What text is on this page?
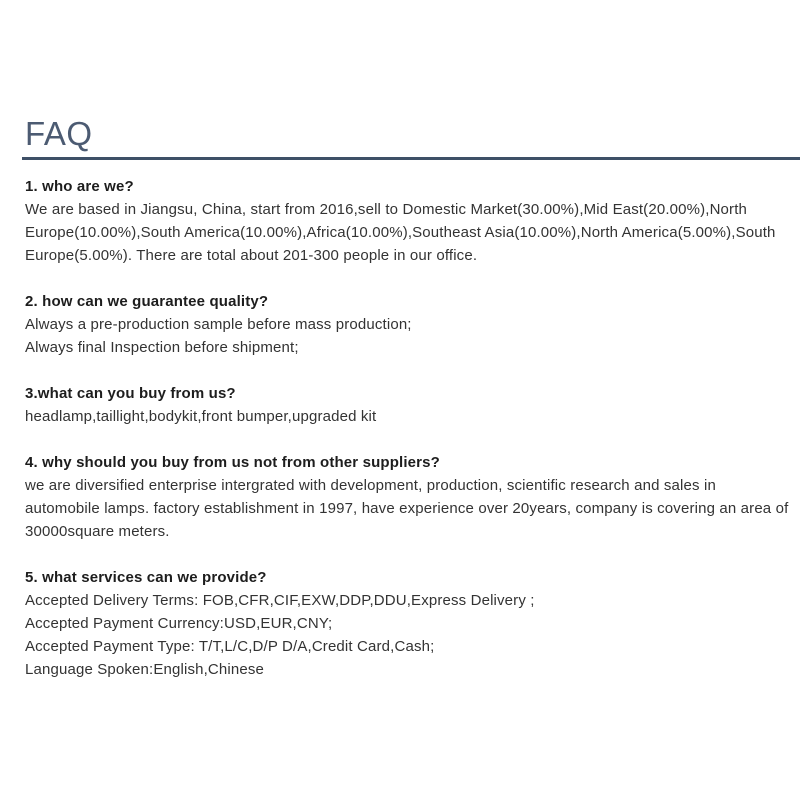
FAQ
1. who are we?
We are based in Jiangsu, China, start from 2016,sell to Domestic Market(30.00%),Mid East(20.00%),North
Europe(10.00%),South America(10.00%),Africa(10.00%),Southeast Asia(10.00%),North America(5.00%),South
Europe(5.00%). There are total about 201-300 people in our office.
2. how can we guarantee quality?
Always a pre-production sample before mass production;
Always final Inspection before shipment;
3.what can you buy from us?
headlamp,taillight,bodykit,front bumper,upgraded kit
4. why should you buy from us not from other suppliers?
we are diversified enterprise intergrated with development, production, scientific research and sales in
automobile lamps. factory establishment in 1997, have experience over 20years, company is covering an area of
30000square meters.
5. what services can we provide?
Accepted Delivery Terms: FOB,CFR,CIF,EXW,DDP,DDU,Express Delivery ;
Accepted Payment Currency:USD,EUR,CNY;
Accepted Payment Type: T/T,L/C,D/P D/A,Credit Card,Cash;
Language Spoken:English,Chinese
